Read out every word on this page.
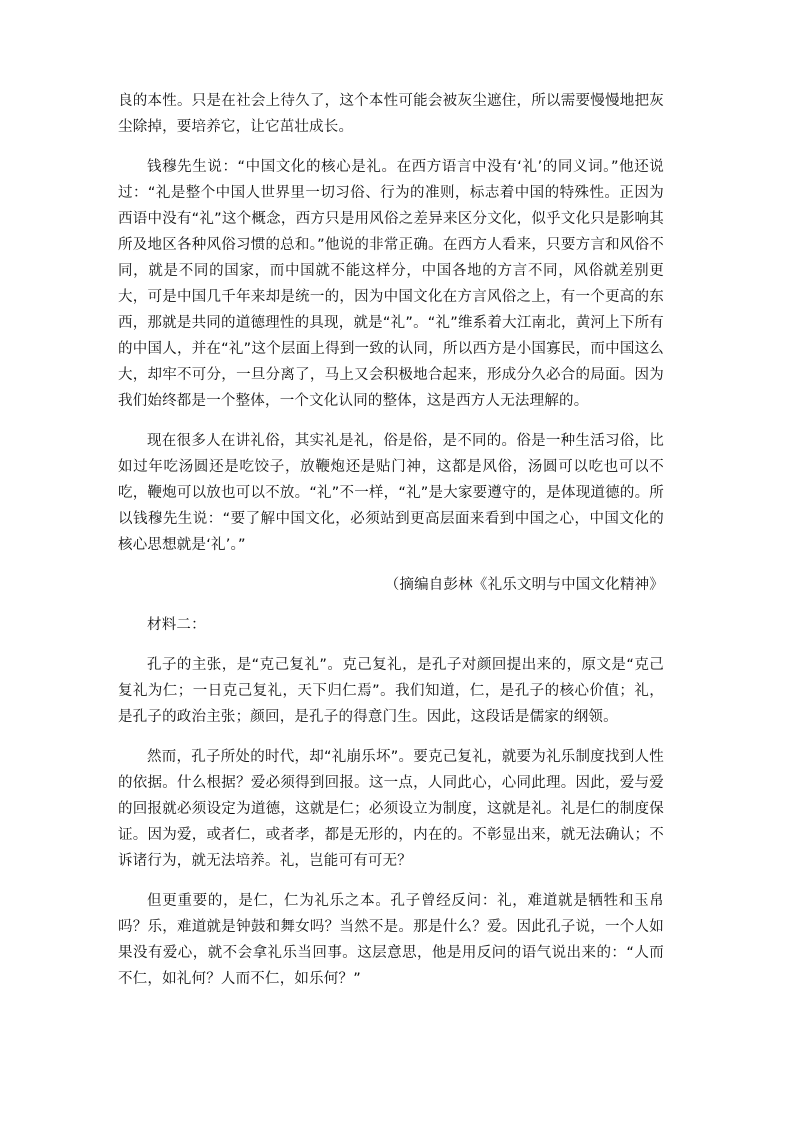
良的本性。只是在社会上待久了，这个本性可能会被灰尘遮住，所以需要慢慢地把灰尘除掉，要培养它，让它茁壮成长。

钱穆先生说：“中国文化的核心是礼。在西方语言中没有‘礼’的同义词。”他还说过：“礼是整个中国人世界里一切习俗、行为的准则，标志着中国的特殊性。正因为西语中没有“礼”这个概念，西方只是用风俗之差异来区分文化，似乎文化只是影响其所及地区各种风俗习惯的总和。”他说的非常正确。在西方人看来，只要方言和风俗不同，就是不同的国家，而中国就不能这样分，中国各地的方言不同，风俗就差别更大，可是中国几千年来却是统一的，因为中国文化在方言风俗之上，有一个更高的东西，那就是共同的道德理性的具现，就是“礼”。“礼”维系着大江南北，黄河上下所有的中国人，并在“礼”这个层面上得到一致的认同，所以西方是小国寡民，而中国这么大，却牢不可分，一旦分离了，马上又会积极地合起来，形成分久必合的局面。因为我们始终都是一个整体，一个文化认同的整体，这是西方人无法理解的。

现在很多人在讲礼俗，其实礼是礼，俗是俗，是不同的。俗是一种生活习俗，比如过年吃汤圆还是吃饺子，放鞭炮还是贴门神，这都是风俗，汤圆可以吃也可以不吃，鞭炮可以放也可以不放。“礼”不一样，“礼”是大家要遵守的，是体现道德的。所以钱穆先生说：“要了解中国文化，必须站到更高层面来看到中国之心，中国文化的核心思想就是‘礼’。”

（摘编自彭林《礼乐文明与中国文化精神》

材料二：

孔子的主张，是“克己复礼”。克己复礼，是孔子对颜回提出来的，原文是“克己复礼为仁；一日克己复礼，天下归仁焉”。我们知道，仁，是孔子的核心价值；礼，是孔子的政治主张；颜回，是孔子的得意门生。因此，这段话是儒家的纲领。

然而，孔子所处的时代，却“礼崩乐坏”。要克己复礼，就要为礼乐制度找到人性的依据。什么根据？爱必须得到回报。这一点，人同此心，心同此理。因此，爱与爱的回报就必须设定为道德，这就是仁；必须设立为制度，这就是礼。礼是仁的制度保证。因为爱，或者仁，或者孝，都是无形的，内在的。不彰显出来，就无法确认；不诉诸行为，就无法培养。礼，岂能可有可无？

但更重要的，是仁，仁为礼乐之本。孔子曾经反问：礼，难道就是牺牲和玉帛吗？乐，难道就是钟鼓和舞女吗？当然不是。那是什么？爱。因此孔子说，一个人如果没有爱心，就不会拿礼乐当回事。这层意思，他是用反问的语气说出来的：“人而不仁，如礼何？人而不仁，如乐何？”
